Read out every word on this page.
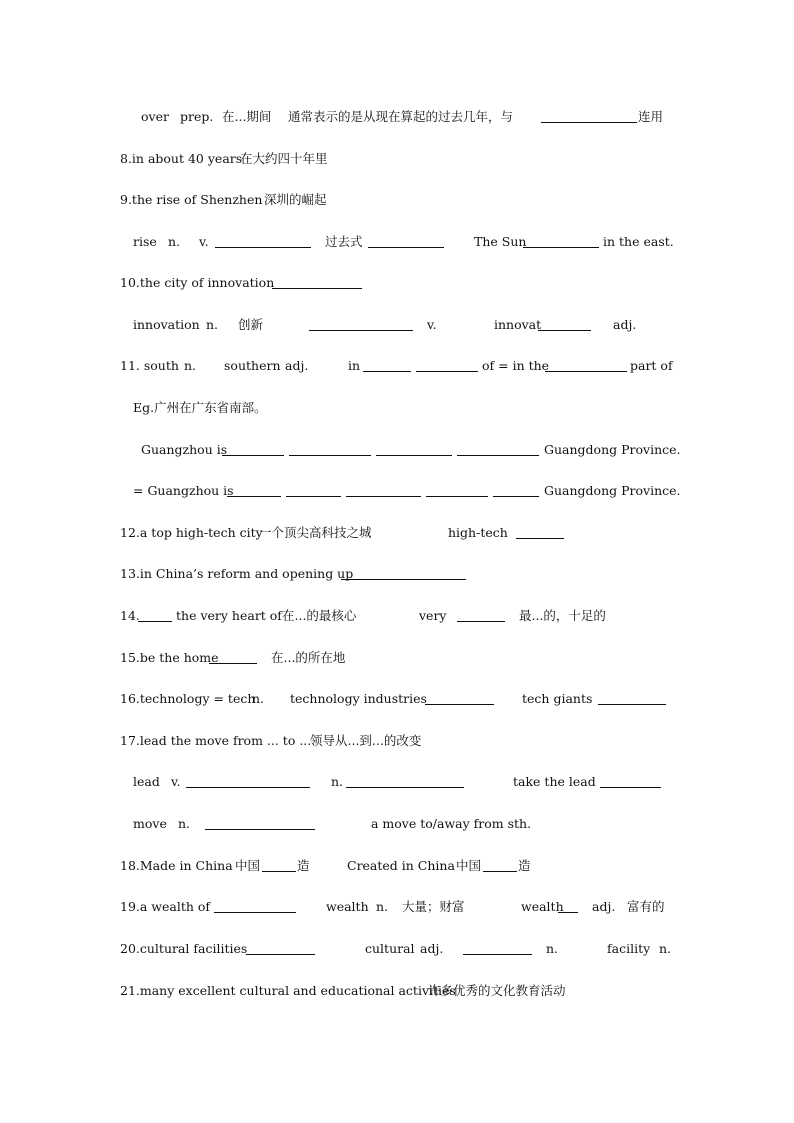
over prep. 在...期间 通常表示的是从现在算起的过去几年，与	连用
8.in about 40 years
在大约四十年里
9.the rise of Shenzhen 深圳的崛起
rise n. v.	过去式	The Sun	in the east.
10.the city of innovation
innovation n. 创新	v.	innovat	adj.
11. south n. southern adj.	in	of = in the	part of
Eg.广州在广东省南部。
Guangzhou is	Guangdong Province.
= Guangzhou is	Guangdong Province.
12.a top high-tech city
一个顶尖高科技之城	high-tech
13.in China’s reform and opening up
14.	the very heart of 在...的最核心	very	最...的，十足的
15.be the home	在...的所在地
16.technology = tech
n. technology industries	tech giants
17.lead the move from ... to ...
领导从...到...的改变
lead v.	n.	take the lead
move n.	a move to/away from sth.
18.Made in China 中国	造	Created in China 中国	造
19.a wealth of	wealth n. 大量；财富	wealth adj. 富有的
20.cultural facilities	cultural adj.	n.	facility n.
21.many excellent cultural and educational activities
许多优秀的文化教育活动
